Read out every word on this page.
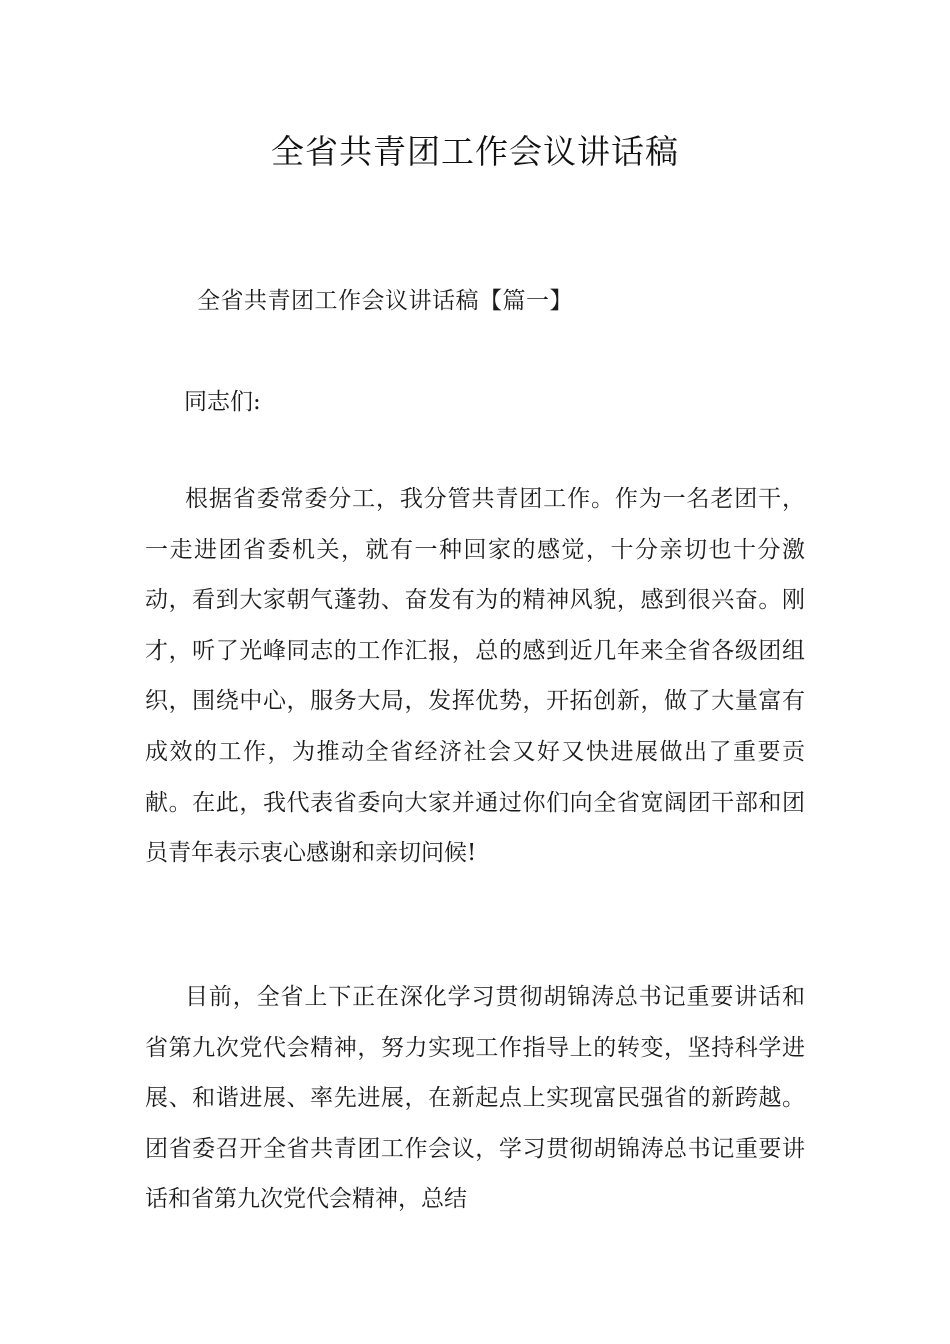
全省共青团工作会议讲话稿
全省共青团工作会议讲话稿【篇一】
同志们:

根据省委常委分工，我分管共青团工作。作为一名老团干，一走进团省委机关，就有一种回家的感觉，十分亲切也十分激动，看到大家朝气蓬勃、奋发有为的精神风貌，感到很兴奋。刚才，听了光峰同志的工作汇报，总的感到近几年来全省各级团组织，围绕中心，服务大局，发挥优势，开拓创新，做了大量富有成效的工作，为推动全省经济社会又好又快进展做出了重要贡献。在此，我代表省委向大家并通过你们向全省宽阔团干部和团员青年表示衷心感谢和亲切问候!

目前，全省上下正在深化学习贯彻胡锦涛总书记重要讲话和省第九次党代会精神，努力实现工作指导上的转变，坚持科学进展、和谐进展、率先进展，在新起点上实现富民强省的新跨越。团省委召开全省共青团工作会议，学习贯彻胡锦涛总书记重要讲话和省第九次党代会精神，总结
